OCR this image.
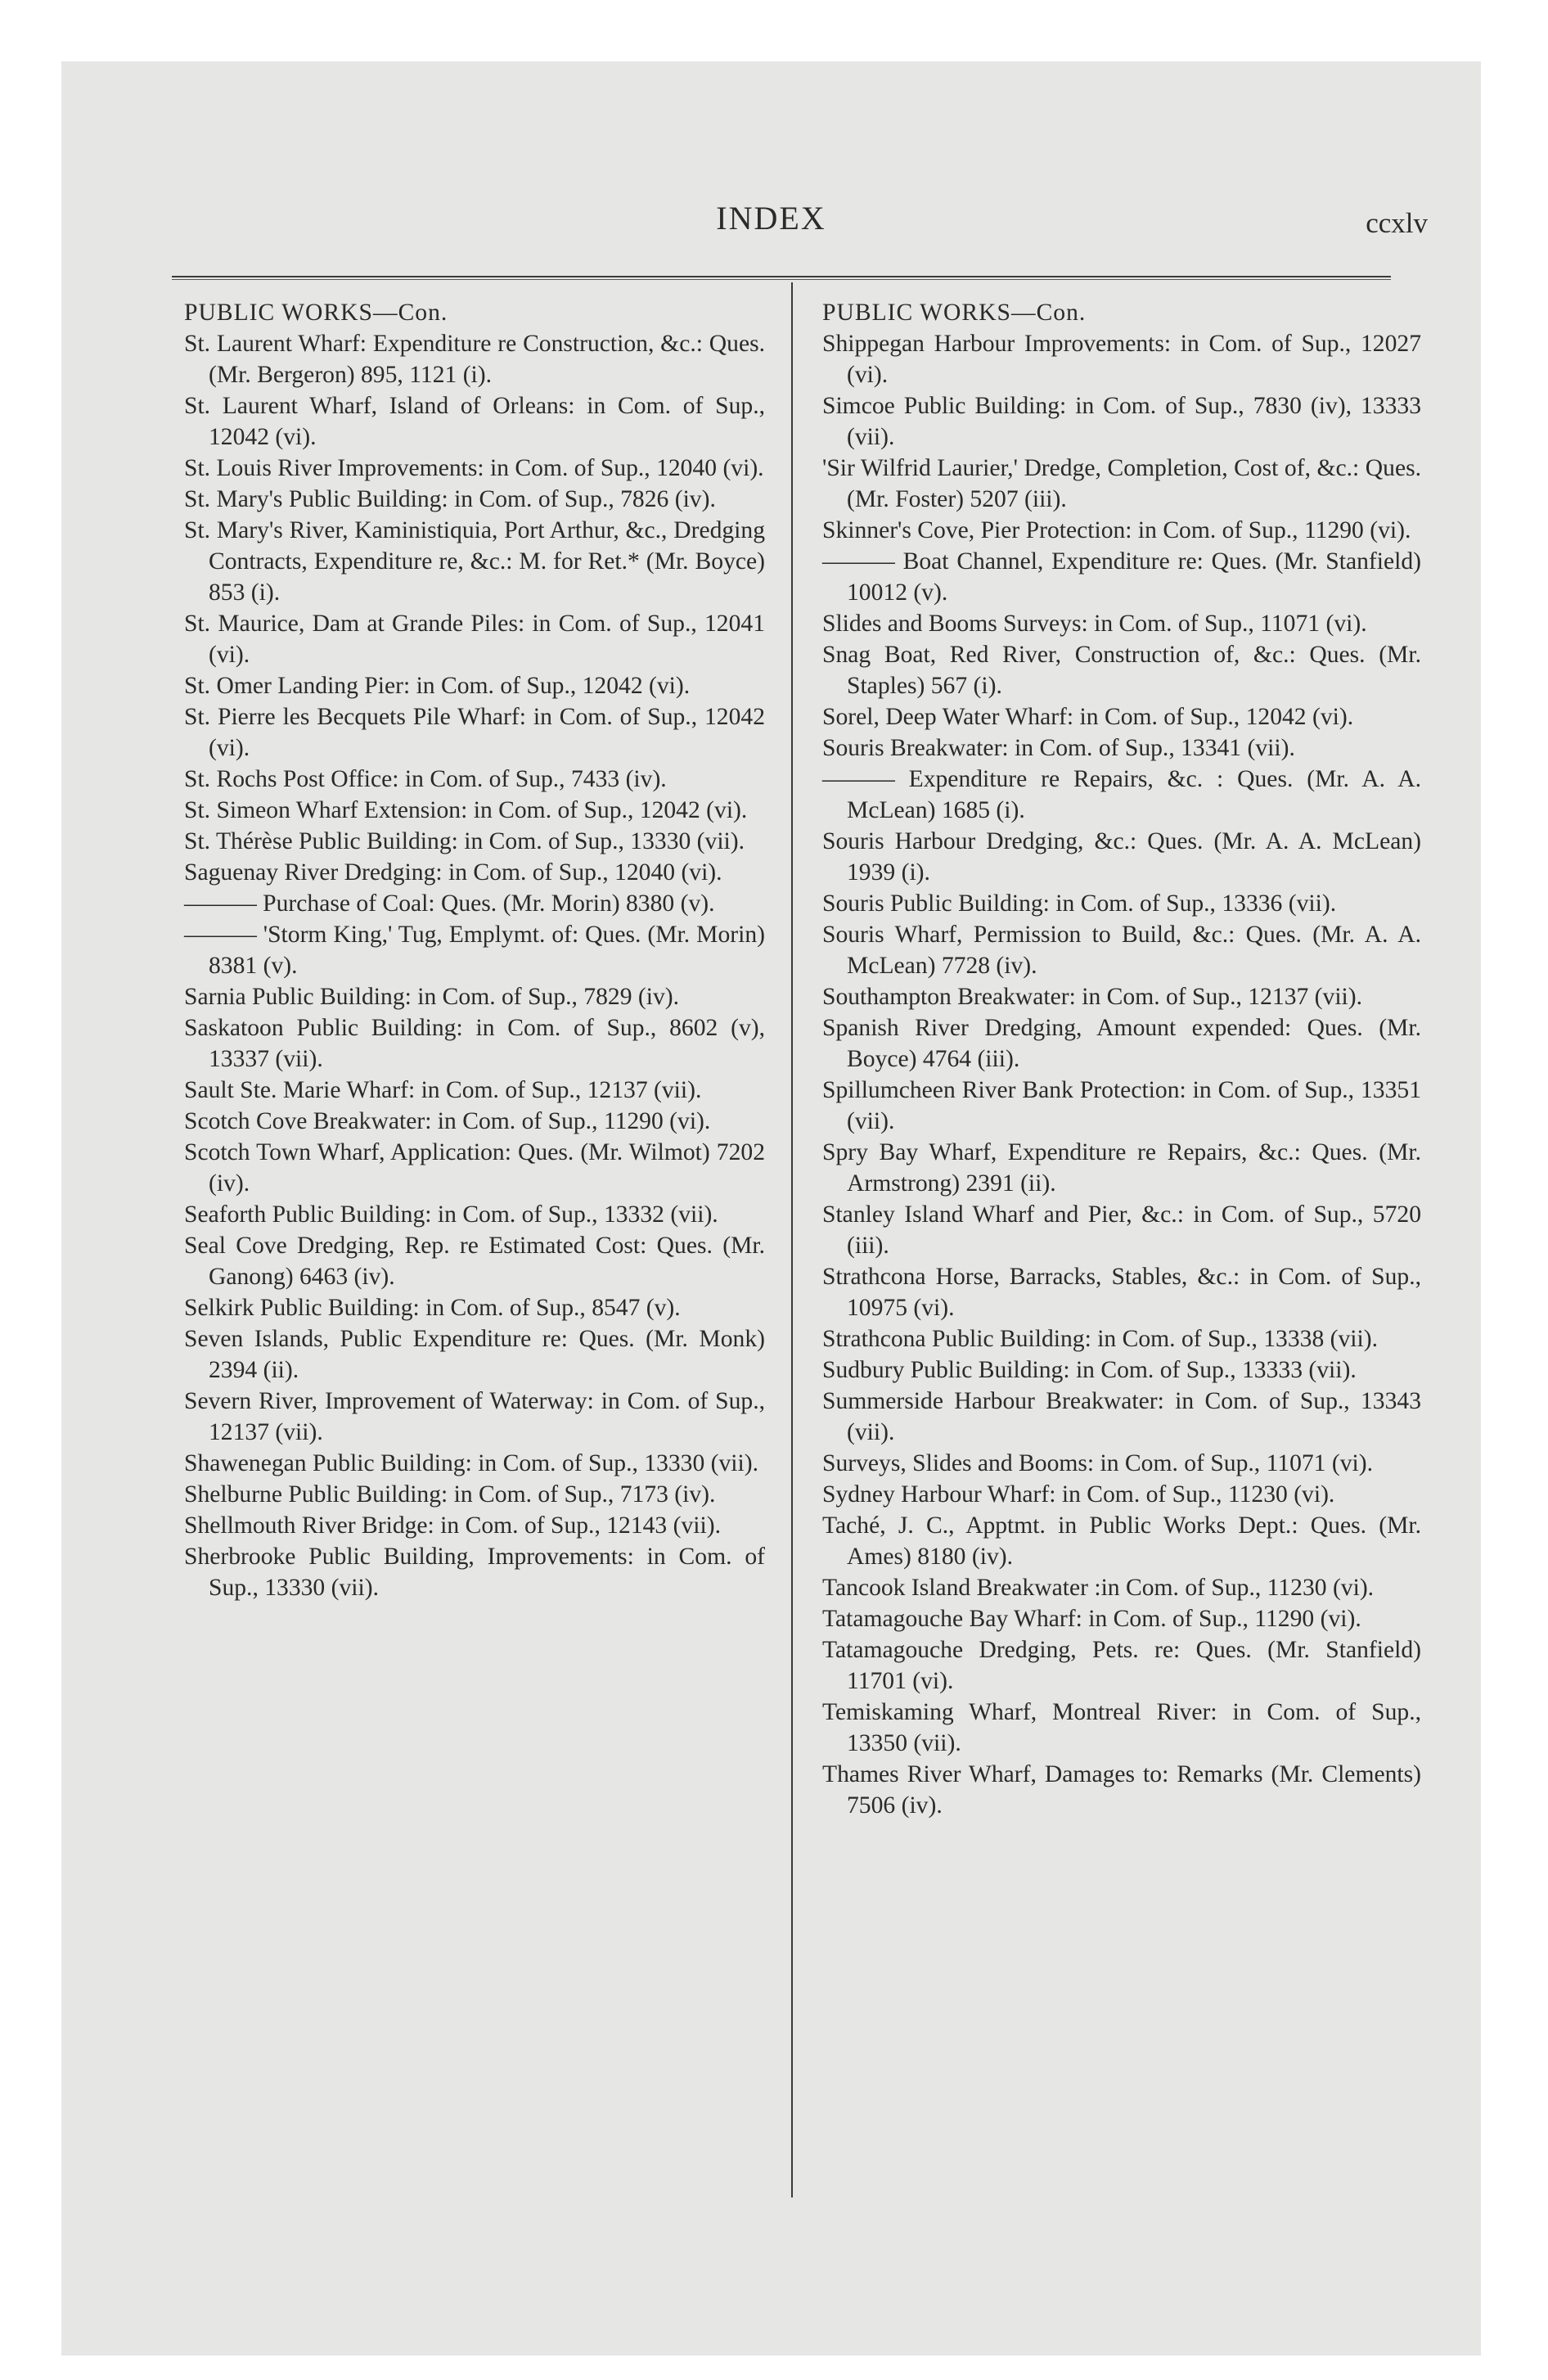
INDEX	ccxlv

PUBLIC WORKS—Con.

St. Laurent Wharf: Expenditure re Construction, &c.: Ques. (Mr. Bergeron) 895, 1121 (i).

St. Laurent Wharf, Island of Orleans: in Com. of Sup., 12042 (vi).

St. Louis River Improvements: in Com. of Sup., 12040 (vi).

St. Mary's Public Building: in Com. of Sup., 7826 (iv).

St. Mary's River, Kaministiquia, Port Arthur, &c., Dredging Contracts, Expenditure re, &c.: M. for Ret.* (Mr. Boyce) 853 (i).

St. Maurice, Dam at Grande Piles: in Com. of Sup., 12041 (vi).

St. Omer Landing Pier: in Com. of Sup., 12042 (vi).

St. Pierre les Becquets Pile Wharf: in Com. of Sup., 12042 (vi).

St. Rochs Post Office: in Com. of Sup., 7433 (iv).

St. Simeon Wharf Extension: in Com. of Sup., 12042 (vi).

St. Thérèse Public Building: in Com. of Sup., 13330 (vii).

Saguenay River Dredging: in Com. of Sup., 12040 (vi).

——— Purchase of Coal: Ques. (Mr. Morin) 8380 (v).

——— 'Storm King,' Tug, Emplymt. of: Ques. (Mr. Morin) 8381 (v).

Sarnia Public Building: in Com. of Sup., 7829 (iv).

Saskatoon Public Building: in Com. of Sup., 8602 (v), 13337 (vii).

Sault Ste. Marie Wharf: in Com. of Sup., 12137 (vii).

Scotch Cove Breakwater: in Com. of Sup., 11290 (vi).

Scotch Town Wharf, Application: Ques. (Mr. Wilmot) 7202 (iv).

Seaforth Public Building: in Com. of Sup., 13332 (vii).

Seal Cove Dredging, Rep. re Estimated Cost: Ques. (Mr. Ganong) 6463 (iv).

Selkirk Public Building: in Com. of Sup., 8547 (v).

Seven Islands, Public Expenditure re: Ques. (Mr. Monk) 2394 (ii).

Severn River, Improvement of Waterway: in Com. of Sup., 12137 (vii).

Shawenegan Public Building: in Com. of Sup., 13330 (vii).

Shelburne Public Building: in Com. of Sup., 7173 (iv).

Shellmouth River Bridge: in Com. of Sup., 12143 (vii).

Sherbrooke Public Building, Improvements: in Com. of Sup., 13330 (vii).

PUBLIC WORKS—Con.

Shippegan Harbour Improvements: in Com. of Sup., 12027 (vi).

Simcoe Public Building: in Com. of Sup., 7830 (iv), 13333 (vii).

'Sir Wilfrid Laurier,' Dredge, Completion, Cost of, &c.: Ques. (Mr. Foster) 5207 (iii).

Skinner's Cove, Pier Protection: in Com. of Sup., 11290 (vi).

——— Boat Channel, Expenditure re: Ques. (Mr. Stanfield) 10012 (v).

Slides and Booms Surveys: in Com. of Sup., 11071 (vi).

Snag Boat, Red River, Construction of, &c.: Ques. (Mr. Staples) 567 (i).

Sorel, Deep Water Wharf: in Com. of Sup., 12042 (vi).

Souris Breakwater: in Com. of Sup., 13341 (vii).

——— Expenditure re Repairs, &c. : Ques. (Mr. A. A. McLean) 1685 (i).

Souris Harbour Dredging, &c.: Ques. (Mr. A. A. McLean) 1939 (i).

Souris Public Building: in Com. of Sup., 13336 (vii).

Souris Wharf, Permission to Build, &c.: Ques. (Mr. A. A. McLean) 7728 (iv).

Southampton Breakwater: in Com. of Sup., 12137 (vii).

Spanish River Dredging, Amount expended: Ques. (Mr. Boyce) 4764 (iii).

Spillumcheen River Bank Protection: in Com. of Sup., 13351 (vii).

Spry Bay Wharf, Expenditure re Repairs, &c.: Ques. (Mr. Armstrong) 2391 (ii).

Stanley Island Wharf and Pier, &c.: in Com. of Sup., 5720 (iii).

Strathcona Horse, Barracks, Stables, &c.: in Com. of Sup., 10975 (vi).

Strathcona Public Building: in Com. of Sup., 13338 (vii).

Sudbury Public Building: in Com. of Sup., 13333 (vii).

Summerside Harbour Breakwater: in Com. of Sup., 13343 (vii).

Surveys, Slides and Booms: in Com. of Sup., 11071 (vi).

Sydney Harbour Wharf: in Com. of Sup., 11230 (vi).

Taché, J. C., Apptmt. in Public Works Dept.: Ques. (Mr. Ames) 8180 (iv).

Tancook Island Breakwater :in Com. of Sup., 11230 (vi).

Tatamagouche Bay Wharf: in Com. of Sup., 11290 (vi).

Tatamagouche Dredging, Pets. re: Ques. (Mr. Stanfield) 11701 (vi).

Temiskaming Wharf, Montreal River: in Com. of Sup., 13350 (vii).

Thames River Wharf, Damages to: Remarks (Mr. Clements) 7506 (iv).
